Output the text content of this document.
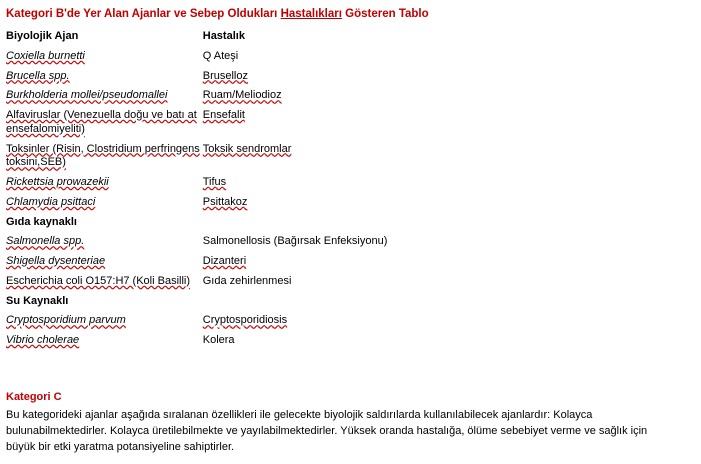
Kategori B'de Yer Alan Ajanlar ve Sebep Oldukları Hastalıkları Gösteren Tablo
Biyolojik Ajan	Hastalık
Coxiella burnetti	Q Ateşi
Brucella spp.	Bruselloz
Burkholderia mollei/pseudomallei	Ruam/Meliodioz
Alfaviruslar (Venezuella doğu ve batı at ensefalomiyeliti)	Ensefalit
Toksinler (Risin, Clostridium perfringens toksini,SEB)	Toksik sendromlar
Rickettsia prowazekii	Tifus
Chlamydia psittaci	Psittakoz
Gıda kaynaklı	
Salmonella spp.	Salmonellosis (Bağırsak Enfeksiyonu)
Shigella dysenteriae	Dizanteri
Escherichia coli O157:H7 (Koli Basilli)	Gıda zehirlenmesi
Su Kaynaklı	
Cryptosporidium parvum	Cryptosporidiosis
Vibrio cholerae	Kolera
Kategori C
Bu kategorideki ajanlar aşağıda sıralanan özellikleri ile gelecekte biyolojik saldırılarda kullanılabilecek ajanlardır: Kolayca bulunabilmektedirler. Kolayca üretilebilmekte ve yayılabilmektedirler. Yüksek oranda hastalığa, ölüme sebebiyet verme ve sağlık için büyük bir etki yaratma potansiyeline sahiptirler.
